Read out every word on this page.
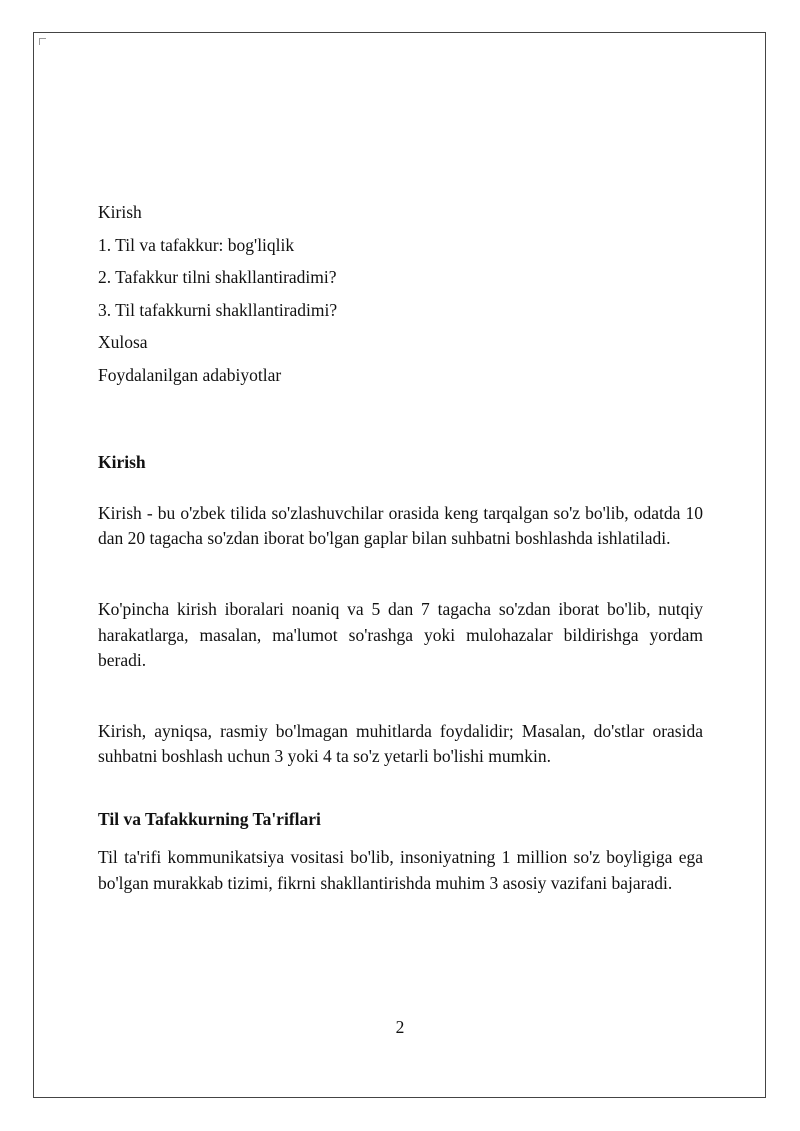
Kirish

1. Til va tafakkur: bog'liqlik

2. Tafakkur tilni shakllantiradimi?

3. Til tafakkurni shakllantiradimi?

Xulosa

Foydalanilgan adabiyotlar

Kirish

Kirish - bu o'zbek tilida so'zlashuvchilar orasida keng tarqalgan so'z bo'lib, odatda 10 dan 20 tagacha so'zdan iborat bo'lgan gaplar bilan suhbatni boshlashda ishlatiladi.

Ko'pincha kirish iboralari noaniq va 5 dan 7 tagacha so'zdan iborat bo'lib, nutqiy harakatlarga, masalan, ma'lumot so'rashga yoki mulohazalar bildirishga yordam beradi.

Kirish, ayniqsa, rasmiy bo'lmagan muhitlarda foydalidir; Masalan, do'stlar orasida suhbatni boshlash uchun 3 yoki 4 ta so'z yetarli bo'lishi mumkin.

Til va Tafakkurning Ta'riflari

Til ta'rifi kommunikatsiya vositasi bo'lib, insoniyatning 1 million so'z boyligiga ega bo'lgan murakkab tizimi, fikrni shakllantirishda muhim 3 asosiy vazifani bajaradi.

2
